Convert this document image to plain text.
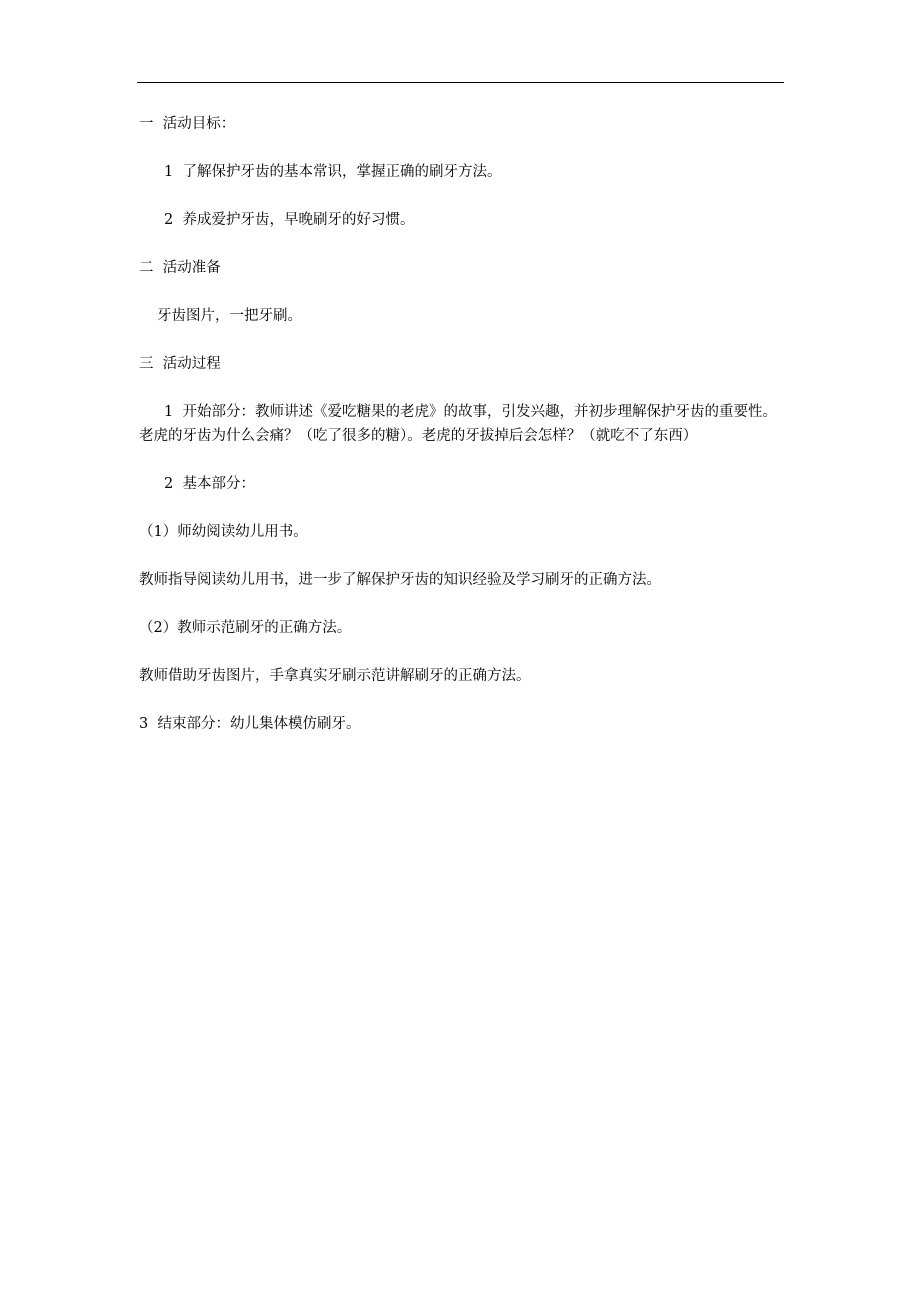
一  活动目标：

1  了解保护牙齿的基本常识，掌握正确的刷牙方法。

2  养成爱护牙齿，早晚刷牙的好习惯。

二  活动准备

牙齿图片，一把牙刷。

三  活动过程

1  开始部分：教师讲述《爱吃糖果的老虎》的故事，引发兴趣，并初步理解保护牙齿的重要性。老虎的牙齿为什么会痛？（吃了很多的糖）。老虎的牙拔掉后会怎样？（就吃不了东西）

2  基本部分：

（1）师幼阅读幼儿用书。

教师指导阅读幼儿用书，进一步了解保护牙齿的知识经验及学习刷牙的正确方法。

（2）教师示范刷牙的正确方法。

教师借助牙齿图片，手拿真实牙刷示范讲解刷牙的正确方法。

3  结束部分：幼儿集体模仿刷牙。
